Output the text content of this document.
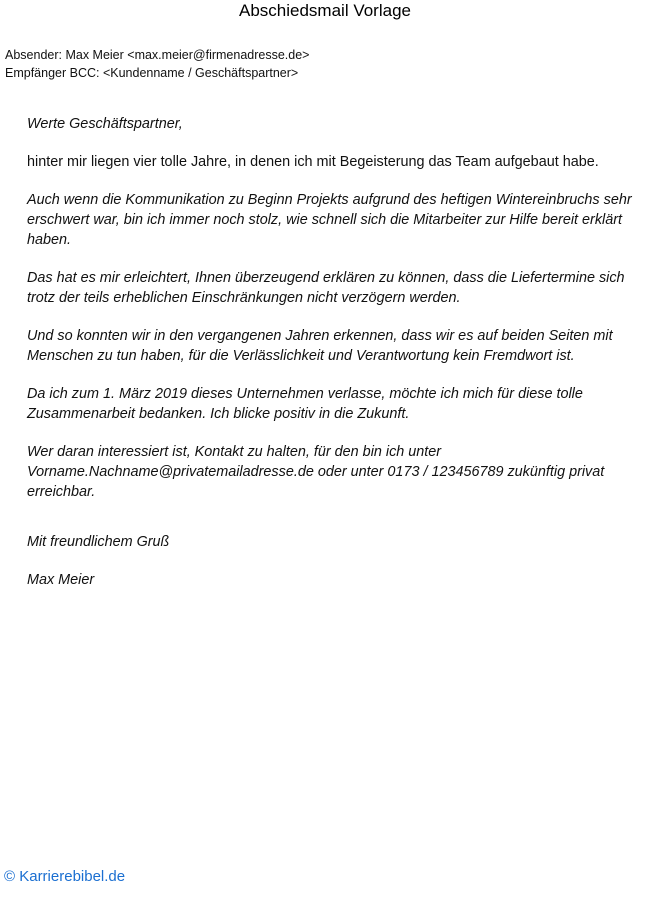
Abschiedsmail Vorlage
Absender: Max Meier <max.meier@firmenadresse.de>
Empfänger BCC: <Kundenname / Geschäftspartner>

Werte Geschäftspartner,

hinter mir liegen vier tolle Jahre, in denen ich mit Begeisterung das Team aufgebaut habe.

Auch wenn die Kommunikation zu Beginn Projekts aufgrund des heftigen Wintereinbruchs sehr erschwert war, bin ich immer noch stolz, wie schnell sich die Mitarbeiter zur Hilfe bereit erklärt haben.

Das hat es mir erleichtert, Ihnen überzeugend erklären zu können, dass die Liefertermine sich trotz der teils erheblichen Einschränkungen nicht verzögern werden.

Und so konnten wir in den vergangenen Jahren erkennen, dass wir es auf beiden Seiten mit Menschen zu tun haben, für die Verlässlichkeit und Verantwortung kein Fremdwort ist.

Da ich zum 1. März 2019 dieses Unternehmen verlasse, möchte ich mich für diese tolle Zusammenarbeit bedanken. Ich blicke positiv in die Zukunft.

Wer daran interessiert ist, Kontakt zu halten, für den bin ich unter Vorname.Nachname@privatemailadresse.de oder unter 0173 / 123456789 zukünftig privat erreichbar.

Mit freundlichem Gruß

Max Meier

© Karrierebibel.de
